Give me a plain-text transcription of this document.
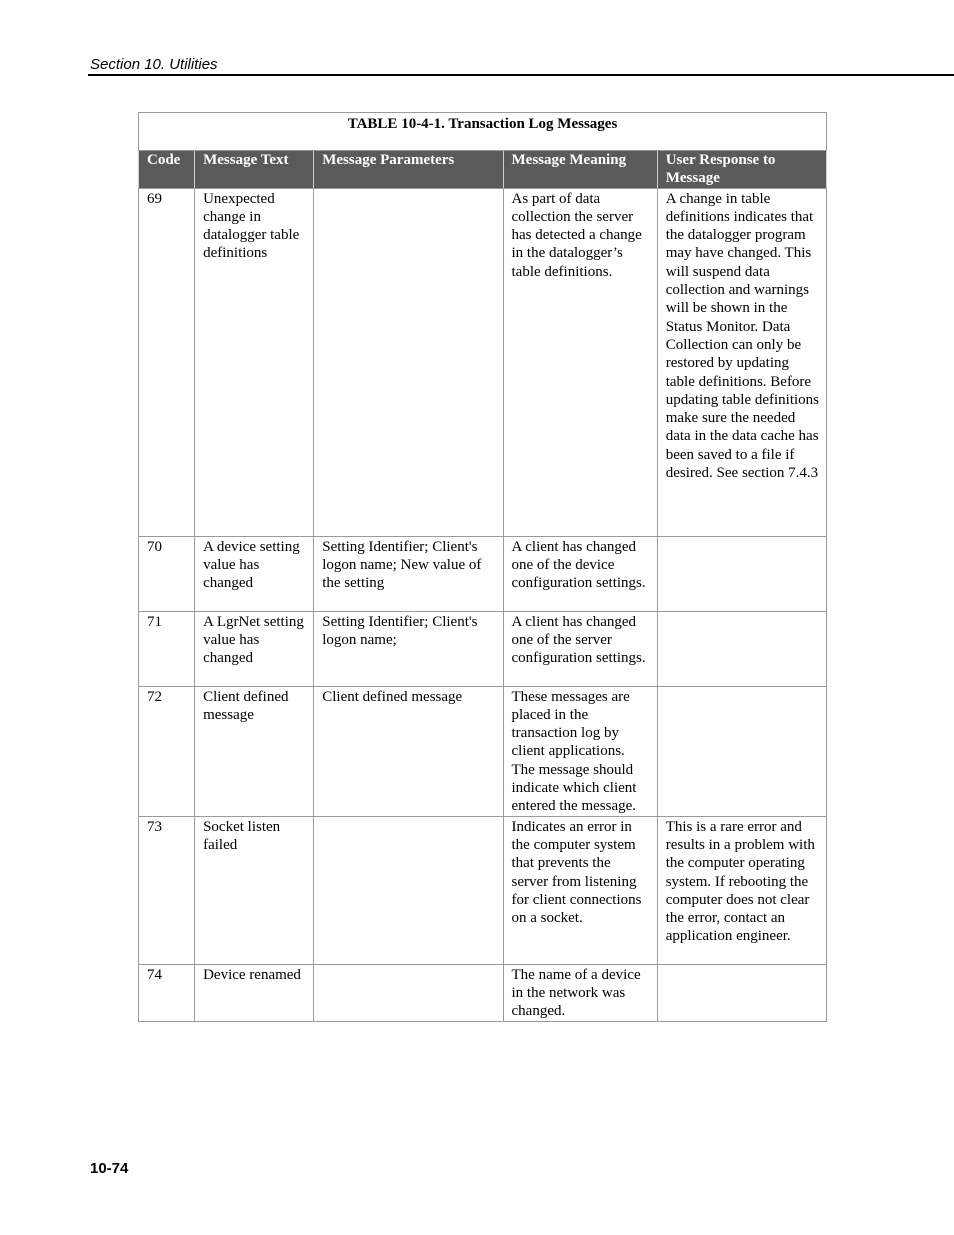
Section 10. Utilities
TABLE 10-4-1. Transaction Log Messages				
Code	Message Text	Message Parameters	Message Meaning	User Response to Message
69	Unexpected change in datalogger table definitions		As part of data collection the server has detected a change in the datalogger’s table definitions.	A change in table definitions indicates that the datalogger program may have changed. This will suspend data collection and warnings will be shown in the Status Monitor. Data Collection can only be restored by updating table definitions. Before updating table definitions make sure the needed data in the data cache has been saved to a file if desired. See section 7.4.3
70	A device setting value has changed	Setting Identifier; Client's logon name; New value of the setting	A client has changed one of the device configuration settings.	
71	A LgrNet setting value has changed	Setting Identifier; Client's logon name;	A client has changed one of the server configuration settings.	
72	Client defined message	Client defined message	These messages are placed in the transaction log by client applications. The message should indicate which client entered the message.	
73	Socket listen failed		Indicates an error in the computer system that prevents the server from listening for client connections on a socket.	This is a rare error and results in a problem with the computer operating system. If rebooting the computer does not clear the error, contact an application engineer.
74	Device renamed		The name of a device in the network was changed.	
10-74
